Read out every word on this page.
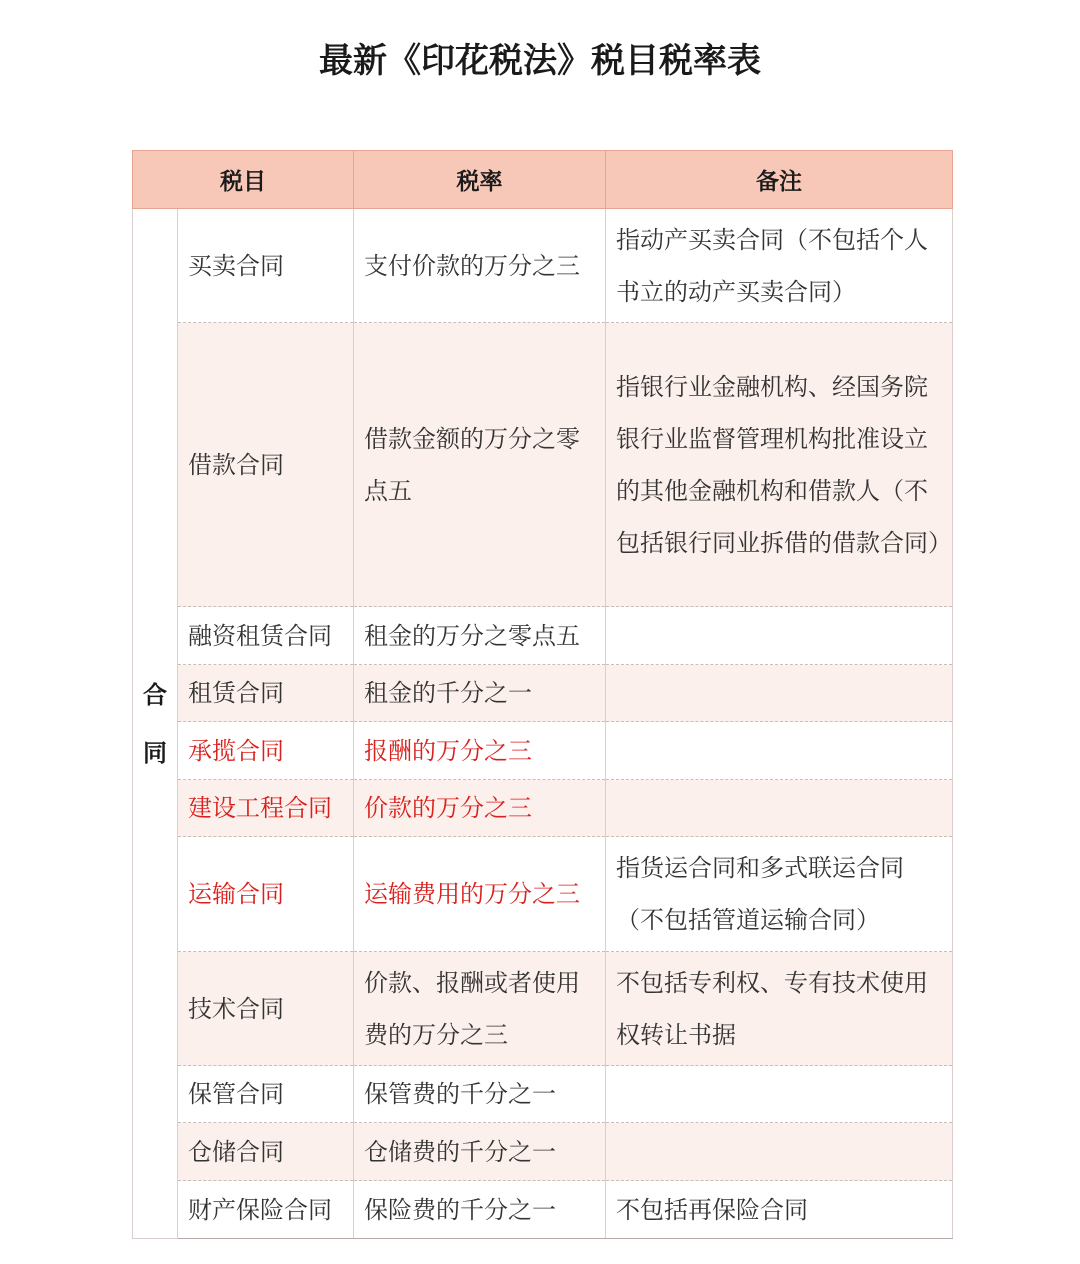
最新《印花税法》税目税率表
税目		税率	备注

合
同	买卖合同	支付价款的万分之三	指动产买卖合同（不包括个人书立的动产买卖合同）
	借款合同	借款金额的万分之零点五	指银行业金融机构、经国务院银行业监督管理机构批准设立的其他金融机构和借款人（不包括银行同业拆借的借款合同）
	融资租赁合同	租金的万分之零点五	
	租赁合同	租金的千分之一	
	承揽合同	报酬的万分之三	
	建设工程合同	价款的万分之三	
	运输合同	运输费用的万分之三	指货运合同和多式联运合同（不包括管道运输合同）
	技术合同	价款、报酬或者使用费的万分之三	不包括专利权、专有技术使用权转让书据
	保管合同	保管费的千分之一	
	仓储合同	仓储费的千分之一	
	财产保险合同	保险费的千分之一	不包括再保险合同
